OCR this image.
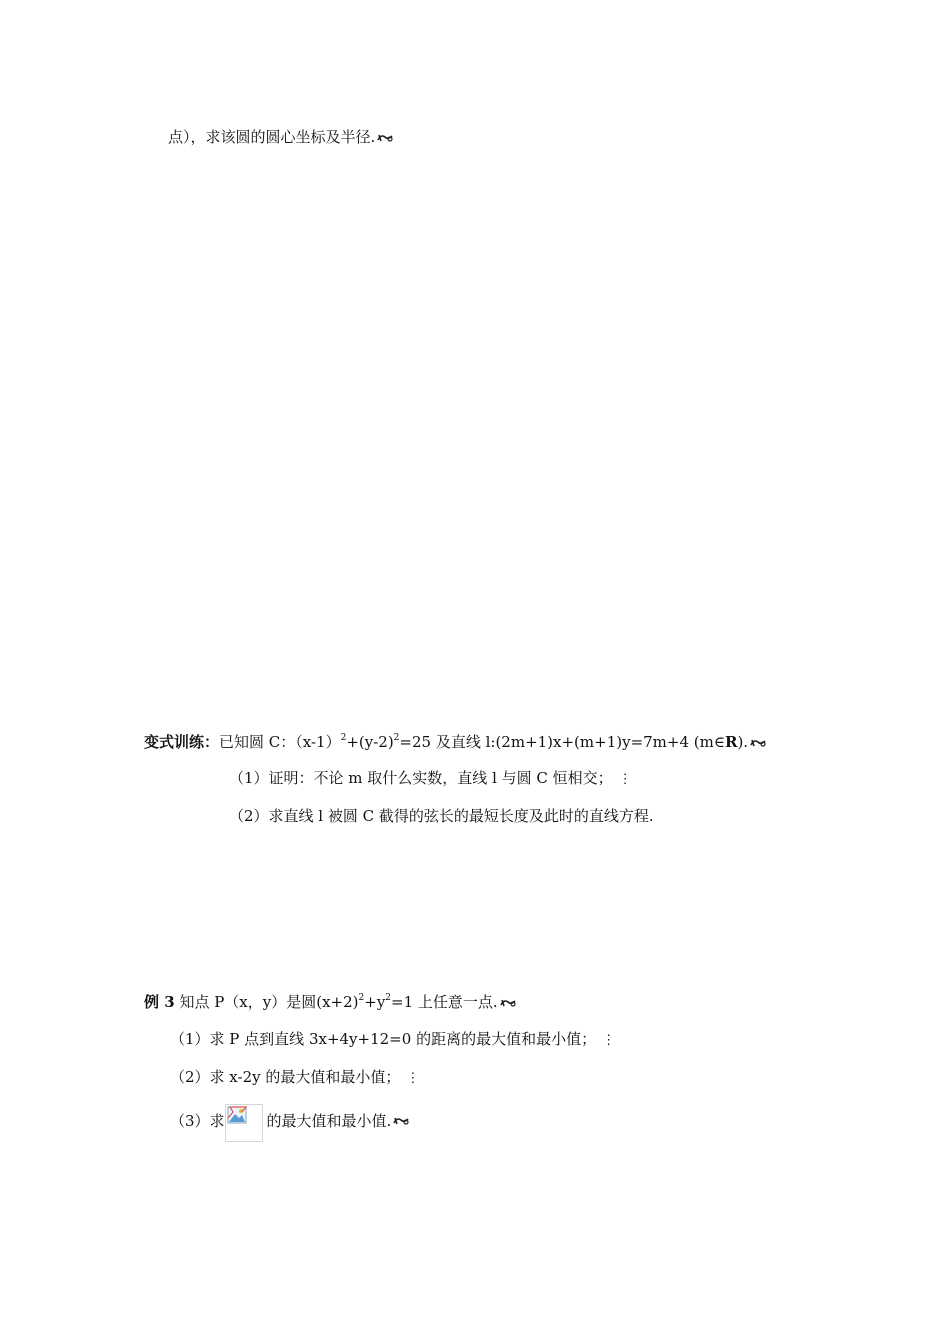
点），求该圆的圆心坐标及半径.
变式训练：已知圆 C：$(x-1)^2+(y-2)^2=25$ 及直线 l:(2m+1)x+(m+1)y=7m+4 (m∈R).
（1）证明：不论 m 取什么实数，直线 l 与圆 C 恒相交； ⋮
（2）求直线 l 被圆 C 截得的弦长的最短长度及此时的直线方程.
例 3 知点 P（x，y）是圆$(x+2)^2+y^2=1$ 上任意一点.
（1）求 P 点到直线 3x+4y+12=0 的距离的最大值和最小值； ⋮
（2）求 x-2y 的最大值和最小值； ⋮
（3）求	的最大值和最小值.
